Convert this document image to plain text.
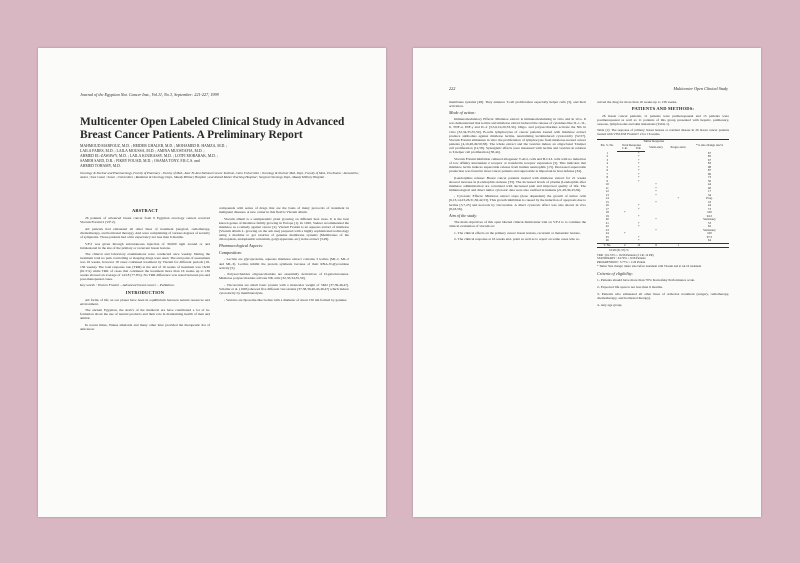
Journal of the Egyptian Nat. Cancer Inst., Vol.11, No.3, September: 221-227, 1999
Multicenter Open Labeled Clinical Study in Advanced Breast Cancer Patients. A Preliminary Report
MAHMOUD MARFOUZ, M.D. ; HEIDER GHALEB, M.D. ; MOHAMED R. HAMZA, M.D. ;
LAILA FARES, M.D. ; LAILA MOUSSA, M.D. ; AMINA MUOSTAFIA, M.D. ;
AHMED EL-ZAWAWY, M.D. ; LAILA KOURASSY, M.D. ; LOTFI MOBARAK, M.D. ;
SAMEH SAED, D.R. ; FIKRY FOUAD, M.D. ; OSAMA TONY, F.R.C.S. and
AHMED TOHAMY, M.D.
Oncology & Nuclear and Pharmacology, Faculty of Pharmacy , Faculty of Med., Kasr El-Aini National Cancer Institute, Cairo Universities ; Oncology & Nuclear Med. Dept., Faculty of Med., Ein-Shams ; Alexandria ; Assiut ; Suez Canal ; Sonar , Universities ; Radiation & Oncology Dept., Maady Military Hospital ; and Ahmed Maher Teaching Hospital ; Surgical Oncology Dept., Maady Military Hospital .
ABSTRACT

26 patients of advanced breast cancer from 9 Egyptian oncology centers received Viscum Fraxini 2 (V.F.2).

All patients had exhausted all other lines of treatment (surgical, radiotherapy, chemotherapy, and hormonal therapy). And were complaining of various degrees of severity of symptoms. Those patients had a life expectancy not less than 6 months.

V.F.2 was given through subcutaneous injection of 30,000 ngm around or and intralesional in the site of the primary or recurrent breast lesions.

The clinical and laboratory examinations were conducted once weekly. During the treatment total no pain controlling or sleeping drugs were used. The end point of assessment was 16 weeks, however 18 cases continued treatment by Viscum for different periods (18-136 weeks). The total response rate (TRR) at the end of 16 weeks of treatment was 16/26 (61.5%) while TRR of cases that continued the treatment more than 16 weeks up to 136 weeks showed an average of 14/18 (77.8%). No TRR difference was noted between pre-and post-menopausal cases.

Key words : Viscum Fraxini – Advanced breast cancer – Palliation.

INTRODUCTION

All forms of life on our planet have been in equilibrium between natural resources and environment.

The ancient Egyptian, the Arab's of the medieval era have contributed a lot of in-formation about the use of natural products and their role in maintaining health of man and animal.

In recent times, Waksa alkaloids and many other later provided the therapeutic list of anticancer

compounds with series of drugs that are the basis of many protocols of treatment in malignant diseases. A new comer in this field is Viscum album.

Viscum album is a semiparasitic plant growing on different host trees. It is the best known genus of mistletoe family growing in Europe [1]. In 1920, Steiner recommended the mistletoe as a remedy against cancer [2]. Viscum Fraxini is an aqueous extract of mistletoe (Viscum album L. growing on the ash tree) prepared with a highly sophisticated technology using a machine to get vesicles of genuine membrane systems (Membranes of the chloroplasts, endoplasmic reticulum, golgi apparatus, etc) in the extract [3,29].

Pharmacological Aspects:
Composition:

- Lectins are glycoproteins, aqueous mistletoe extract contains 3 lectins (ML-I, ML-2 and ML-3). Lectins inhibit the protein synthesis because of their RNA-N-glycosidase activity [5].

- Polysaccharides oligosaccharides are essentially derivatives of D-galacturonates. Mistletoe polysaccharides activate NK cells [32,33,34,35,59].

- Viscotoxins are small basic protein with a molecular weight of 5KD [37,39,46,47]. Schaller et al. (1995) showed five different viscotoxins [37,38,39,40,45,46,47] which induce cytotoxicity by membranolysis.

- Vesicles are liposome-like bodies with a diameter of about 150 nm formed by genuine

222	Multicenter Open Clinical Study

membrane systems [48]. They enhance T-cell proliferation especially helper cells [3], and their activation.

Mode of action:

Immunomodulatory Effects: Mistletoe extract is immunomodulating in vitro and in vivo. It was demonstrated that lectins and mistletoe extract induced the release of cytokines like IL-1, IL-6, TNF-α, INF-γ and IL-2 [3,5,6,10,20,33,34]. Oligo- and polysaccharides activate the NK in vitro [32,34,35,55,59]. B-cells lymphocytes of cancer patients treated with mistletoe extract produce antibodies against mistletoe lectins, neutralizing lectininduced cytotoxicity [52,57]. Viscum Fraxini stimulates in vitro the proliferation of lymphocytes from mistletoe-treated cancer patients [4,10,48,49,50,58]. The whole extract and the vesicles induce an oligoclonal T-helper cell proliferation [12,58]. Synergistic effects were measured with lectins and vesicles in relation to T-helper cell proliferation [38,44].

Viscum Fraxini inhibition cultured allogeneic T-ALL cells and B-CLL cells with no induction of low affinity interleukin 2 receptor or transferrin receptor expression [5]. This indicates that mistletoe lectin induces superoxide release from human neutrophils [13]. Decreased superoxide production was found in most cancer patients and superoxide is important in host defense [34].

β-endorphins release: Breast cancer patients treated with mistletoe extract for 21 weeks showed increase in β-endorphin realease [33]. The increased levels of plasma β-endorphin after mistletoe administration are correlated with decreased pain and improved quality of life. The immunological and direct tumor cytotoxic data were also verified in humans [21,28,30,43,56].

- Cytotoxic Effects: Mistletoe extract stops (dose dependent) the growth of tumor cells [6,13,14,23,26,31,36,42,53]. This growth inhibition is caused by the induction of apoptosis due to lectins [5,7,25] and necrosis by viscotoxins. A direct cytotoxic effect was also shown in vivo [8,43,56].

Aim of the study:

The main objectives of this open labeled clinical multicenter trial on V.F.2 is to continue the clinical evaluation of viscum on:

1- The clinical effects on the primary cancer breast lesions, recurrent or metastatic lesions.

2- The clinical response at 16 weeks end- point as well as to report on some cases who re-

ceived the drug for more than 16 weeks up to 136 weeks.

PATIENTS AND METHODS:

26 breast cancer patients, 11 patients were premenopausal and 15 patients were postmenopausal as well as 11 patients of this group presented with hepatic, pulmonary, osseous, lymph nodes and skin metastasis (Table 1).

Table (1): The response of primary breast lesions or residual disease in 26 breast cancer patients treated with VISCUM Fraxini® 2 for 16 weeks.

Pat. S. No.	Tumor Response				*% size change rate%
	Total Response		Statio-nary	Progre-ssive	
	C.R.	P.R.			
1		+			67
2		+			85
3		+			67
4		+			83
5		+			98
6		+			87
7		+			96
8		+			73
9		+			50
10			+		44
11			+		40
12			+		17
13			+		34
14				+	Prog.
15			+		16
16		+			44
17		+			73
18	+				100
19		+			94.5
20			+		Stationary
21		+			53
22		+			62
23			+		Stationary
24	+				100
25		+			97.5
26		+			64
T. No.	2	14	9	1	
16/26 (61.53) %
TRR : (61.53% = 16/26 Patients (2 CR, 14 PR)
STATIONARY : 34.70% = 9/26 Patients
PROGRESSION : 3.77% = 1/26 Patient
* Tumor Size change: tumor size before treatment with Viscum and at wk 16 treatment
Criteria of eligibility:
1- Patients should have more than 70% Karnofsky Performance scale.
2- Expected life span is not less than 6 months.
3- Patients who exhausted all other lines of orthodox treatment (surgery, radiotherapy, chemotherapy, and hormonal therapy).
4- Any age group.
